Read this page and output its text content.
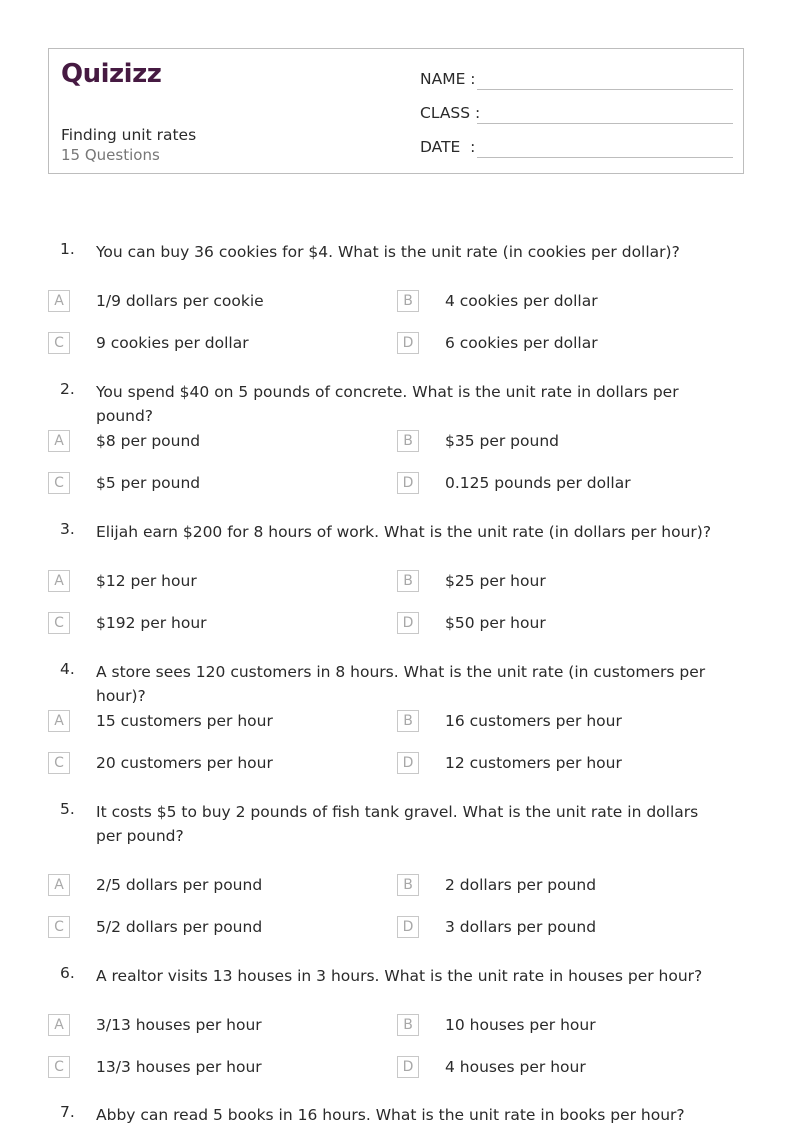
Quizizz
Finding unit rates
15 Questions
NAME :
CLASS :
DATE  :
1. You can buy 36 cookies for $4. What is the unit rate (in cookies per dollar)?
A	1/9 dollars per cookie	B	4 cookies per dollar
C	9 cookies per dollar	D	6 cookies per dollar
2. You spend $40 on 5 pounds of concrete. What is the unit rate in dollars per pound?
A	$8 per pound	B	$35 per pound
C	$5 per pound	D	0.125 pounds per dollar
3. Elijah earn $200 for 8 hours of work. What is the unit rate (in dollars per hour)?
A	$12 per hour	B	$25 per hour
C	$192 per hour	D	$50 per hour
4. A store sees 120 customers in 8 hours. What is the unit rate (in customers per hour)?
A	15 customers per hour	B	16 customers per hour
C	20 customers per hour	D	12 customers per hour
5. It costs $5 to buy 2 pounds of fish tank gravel. What is the unit rate in dollars per pound?
A	2/5 dollars per pound	B	2 dollars per pound
C	5/2 dollars per pound	D	3 dollars per pound
6. A realtor visits 13 houses in 3 hours. What is the unit rate in houses per hour?
A	3/13 houses per hour	B	10 houses per hour
C	13/3 houses per hour	D	4 houses per hour
7. Abby can read 5 books in 16 hours. What is the unit rate in books per hour?
